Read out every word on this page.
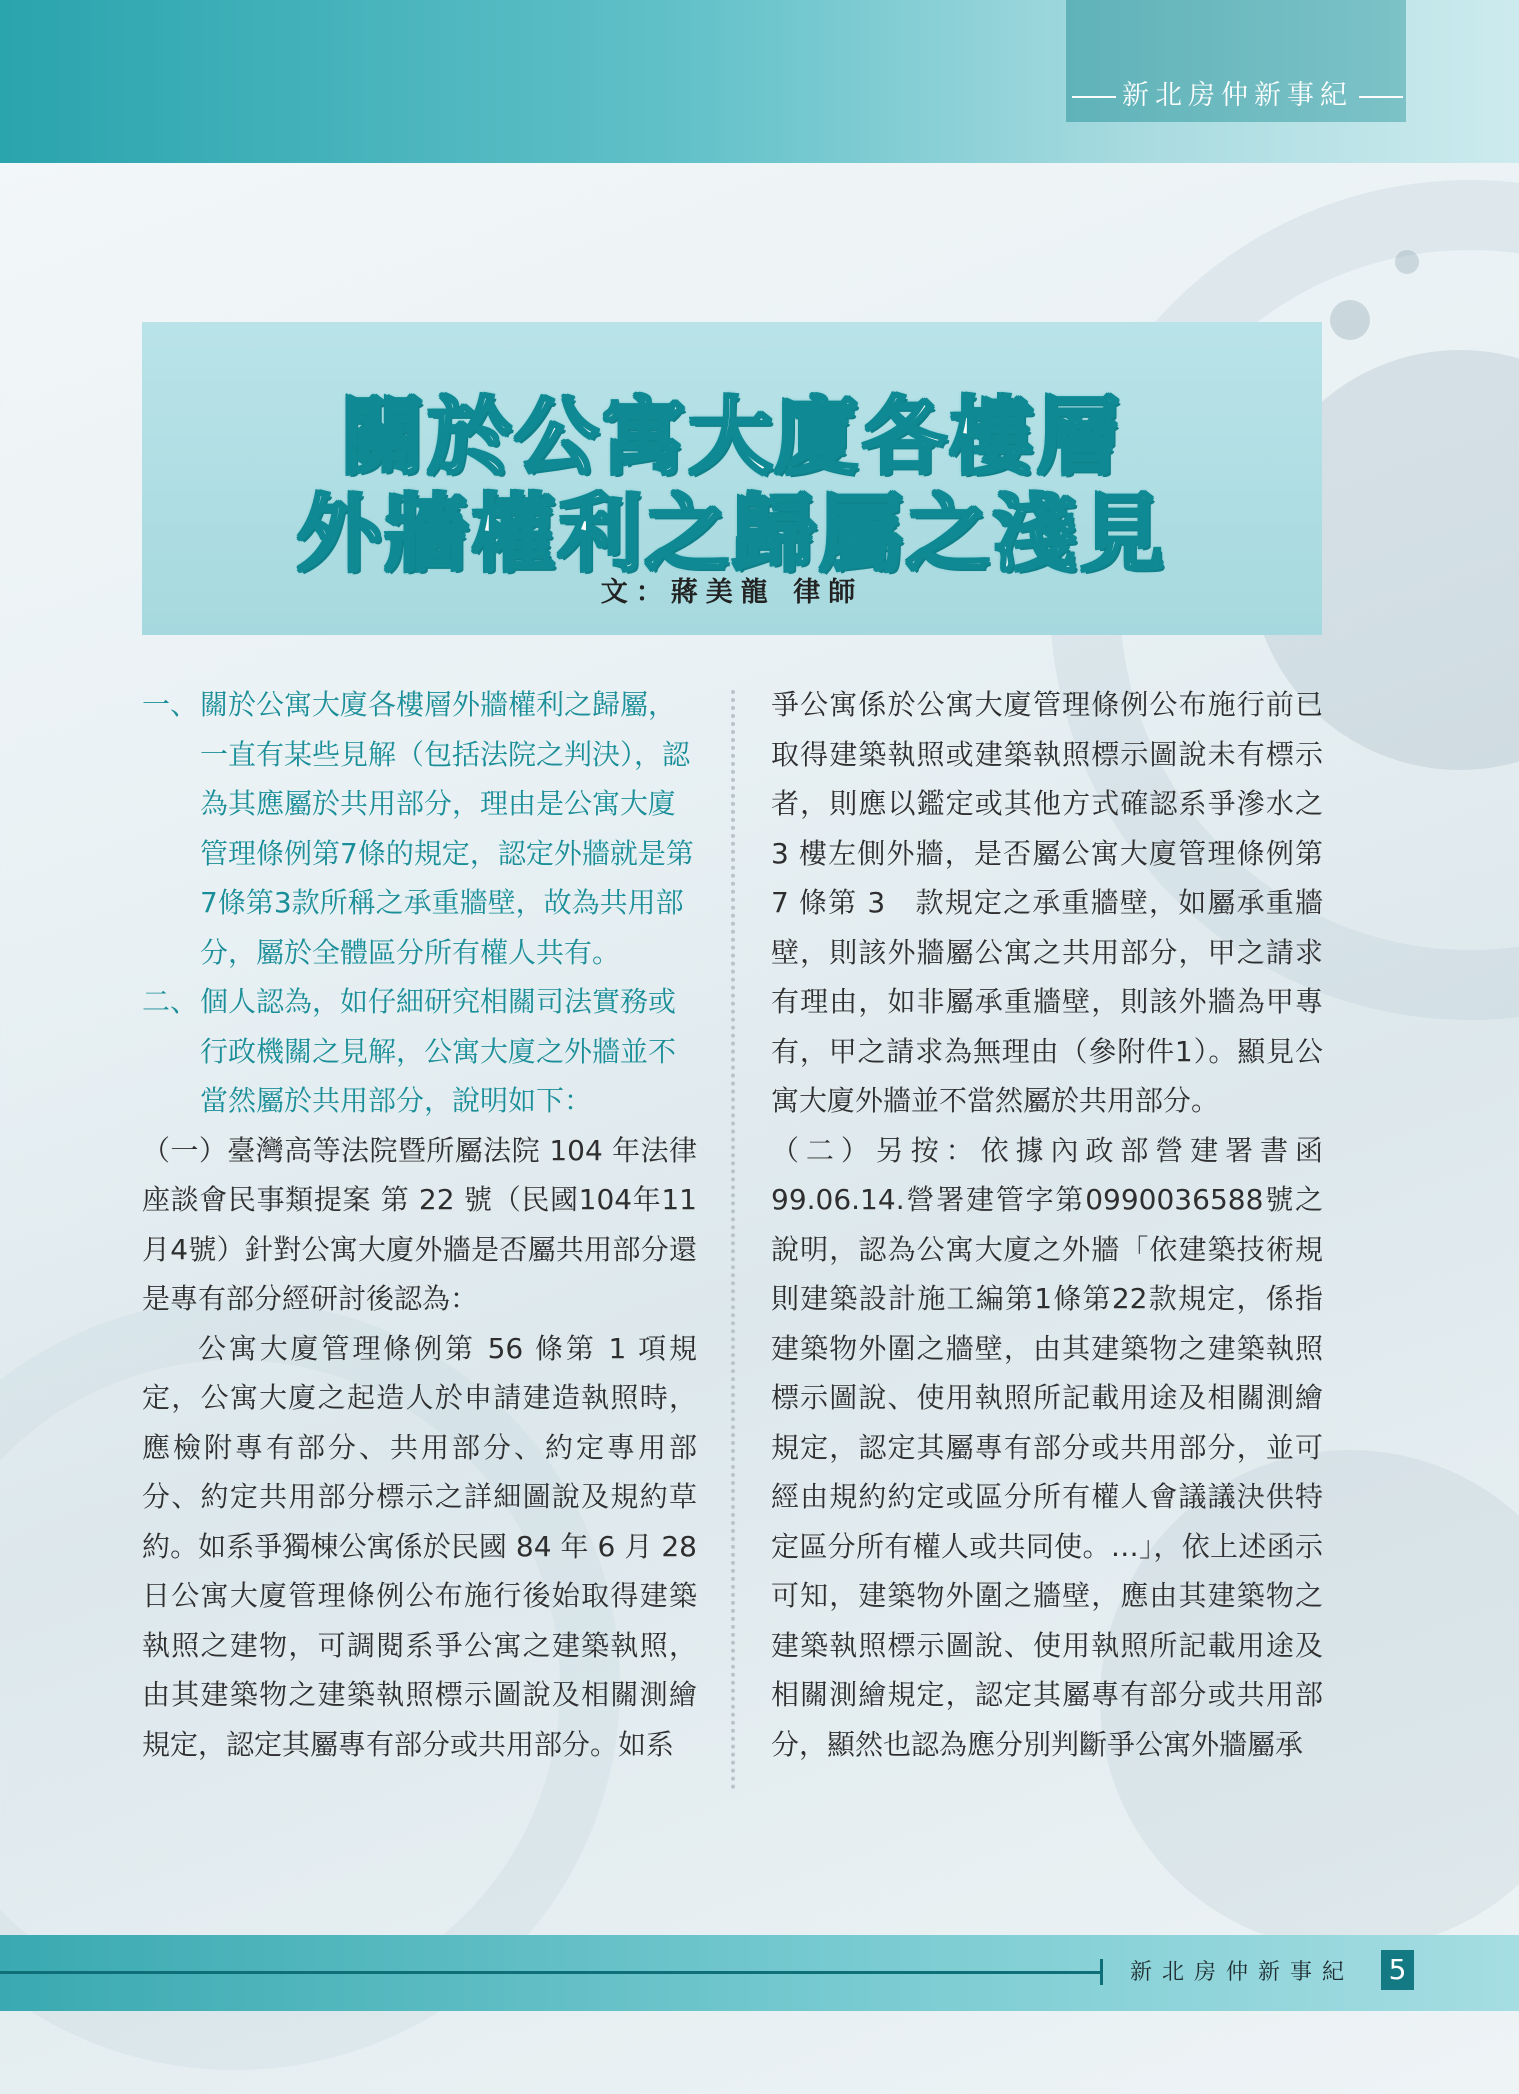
新北房仲新事紀
關於公寓大廈各樓層
外牆權利之歸屬之淺見
文：蔣美龍 律師
一、 關於公寓大廈各樓層外牆權利之歸屬，一直有某些見解（包括法院之判決），認為其應屬於共用部分，理由是公寓大廈管理條例第7條的規定，認定外牆就是第7條第3款所稱之承重牆壁，故為共用部分，屬於全體區分所有權人共有。
二、 個人認為，如仔細研究相關司法實務或行政機關之見解，公寓大廈之外牆並不當然屬於共用部分，說明如下：

（一）臺灣高等法院暨所屬法院 104 年法律座談會民事類提案 第 22 號（民國104年11月4號）針對公寓大廈外牆是否屬共用部分還是專有部分經研討後認為：

公寓大廈管理條例第 56 條第 1 項規定，公寓大廈之起造人於申請建造執照時，應檢附專有部分、共用部分、約定專用部分、約定共用部分標示之詳細圖說及規約草約。如系爭獨棟公寓係於民國 84 年 6 月 28 日公寓大廈管理條例公布施行後始取得建築執照之建物，可調閱系爭公寓之建築執照，由其建築物之建築執照標示圖說及相關測繪規定，認定其屬專有部分或共用部分。如系

爭公寓係於公寓大廈管理條例公布施行前已取得建築執照或建築執照標示圖說未有標示者，則應以鑑定或其他方式確認系爭滲水之 3 樓左側外牆，是否屬公寓大廈管理條例第 7 條第 3　款規定之承重牆壁，如屬承重牆壁，則該外牆屬公寓之共用部分，甲之請求有理由，如非屬承重牆壁，則該外牆為甲專有，甲之請求為無理由（參附件1）。顯見公寓大廈外牆並不當然屬於共用部分。

（二）另按：依據內政部營建署書函99.06.14.營署建管字第0990036588號之說明，認為公寓大廈之外牆「依建築技術規則建築設計施工編第1條第22款規定，係指建築物外圍之牆壁，由其建築物之建築執照標示圖說、使用執照所記載用途及相關測繪規定，認定其屬專有部分或共用部分，並可經由規約約定或區分所有權人會議議決供特定區分所有權人或共同使。…」，依上述函示可知，建築物外圍之牆壁，應由其建築物之建築執照標示圖說、使用執照所記載用途及相關測繪規定，認定其屬專有部分或共用部分，顯然也認為應分別判斷爭公寓外牆屬承

新北房仲新事紀 5
